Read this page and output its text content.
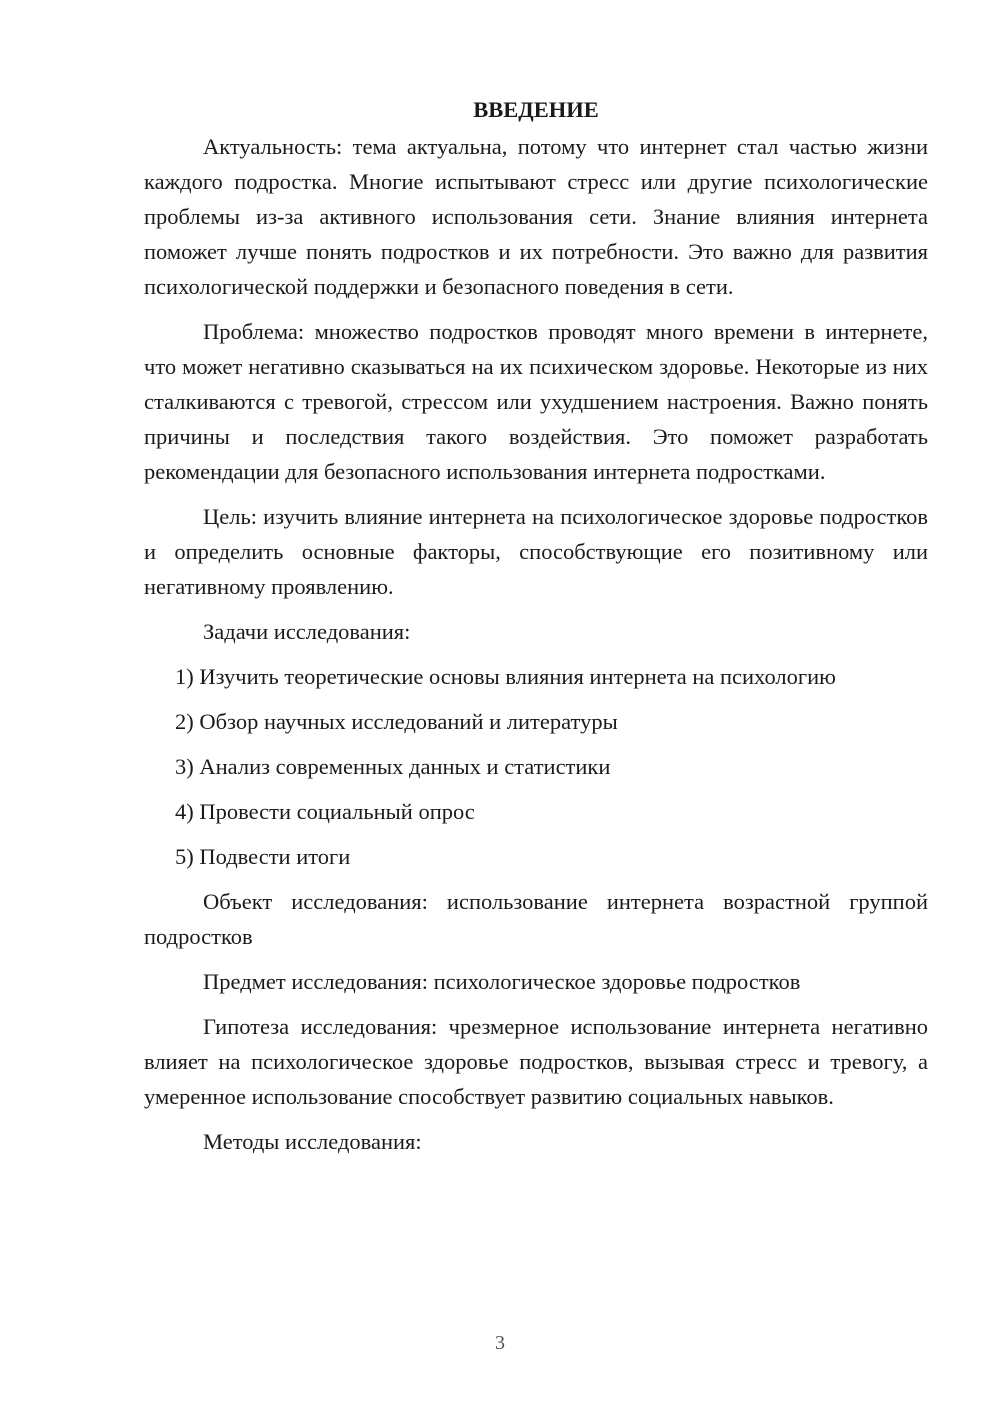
ВВЕДЕНИЕ

Актуальность: тема актуальна, потому что интернет стал частью жизни каждого подростка. Многие испытывают стресс или другие психологические проблемы из-за активного использования сети. Знание влияния интернета поможет лучше понять подростков и их потребности. Это важно для развития психологической поддержки и безопасного поведения в сети.

Проблема: множество подростков проводят много времени в интернете, что может негативно сказываться на их психическом здоровье. Некоторые из них сталкиваются с тревогой, стрессом или ухудшением настроения. Важно понять причины и последствия такого воздействия. Это поможет разработать рекомендации для безопасного использования интернета подростками.

Цель: изучить влияние интернета на психологическое здоровье подростков и определить основные факторы, способствующие его позитивному или негативному проявлению.

Задачи исследования:
1) Изучить теоретические основы влияния интернета на психологию
2) Обзор научных исследований и литературы
3) Анализ современных данных и статистики
4) Провести социальный опрос
5) Подвести итоги

Объект исследования: использование интернета возрастной группой подростков

Предмет исследования: психологическое здоровье подростков

Гипотеза исследования: чрезмерное использование интернета негативно влияет на психологическое здоровье подростков, вызывая стресс и тревогу, а умеренное использование способствует развитию социальных навыков.

Методы исследования:

3
